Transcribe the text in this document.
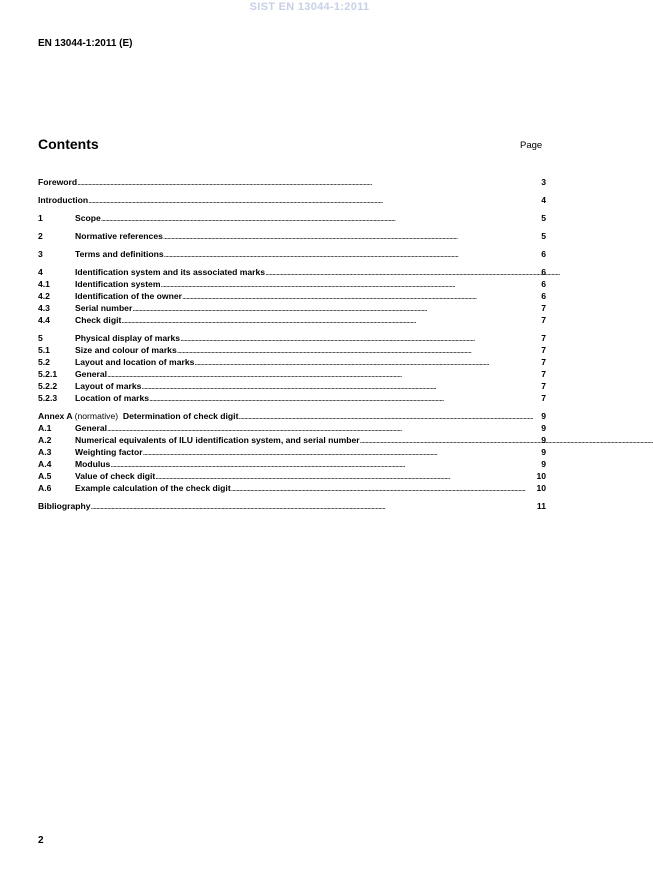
SIST EN 13044-1:2011
EN 13044-1:2011 (E)
Contents	Page
Foreword . . .	3
Introduction . . .	4
1	Scope . . .	5
2	Normative references . . .	5
3	Terms and definitions . . .	6
4	Identification system and its associated marks . . .	6
4.1	Identification system . . .	6
4.2	Identification of the owner . . .	6
4.3	Serial number . . .	7
4.4	Check digit . . .	7
5	Physical display of marks . . .	7
5.1	Size and colour of marks . . .	7
5.2	Layout and location of marks . . .	7
5.2.1	General . . .	7
5.2.2	Layout of marks . . .	7
5.2.3	Location of marks . . .	7
Annex A (normative) Determination of check digit . . .	9
A.1	General . . .	9
A.2	Numerical equivalents of ILU identification system, and serial number . . .	9
A.3	Weighting factor . . .	9
A.4	Modulus . . .	9
A.5	Value of check digit . . .	10
A.6	Example calculation of the check digit . . .	10
Bibliography . . .	11
2
